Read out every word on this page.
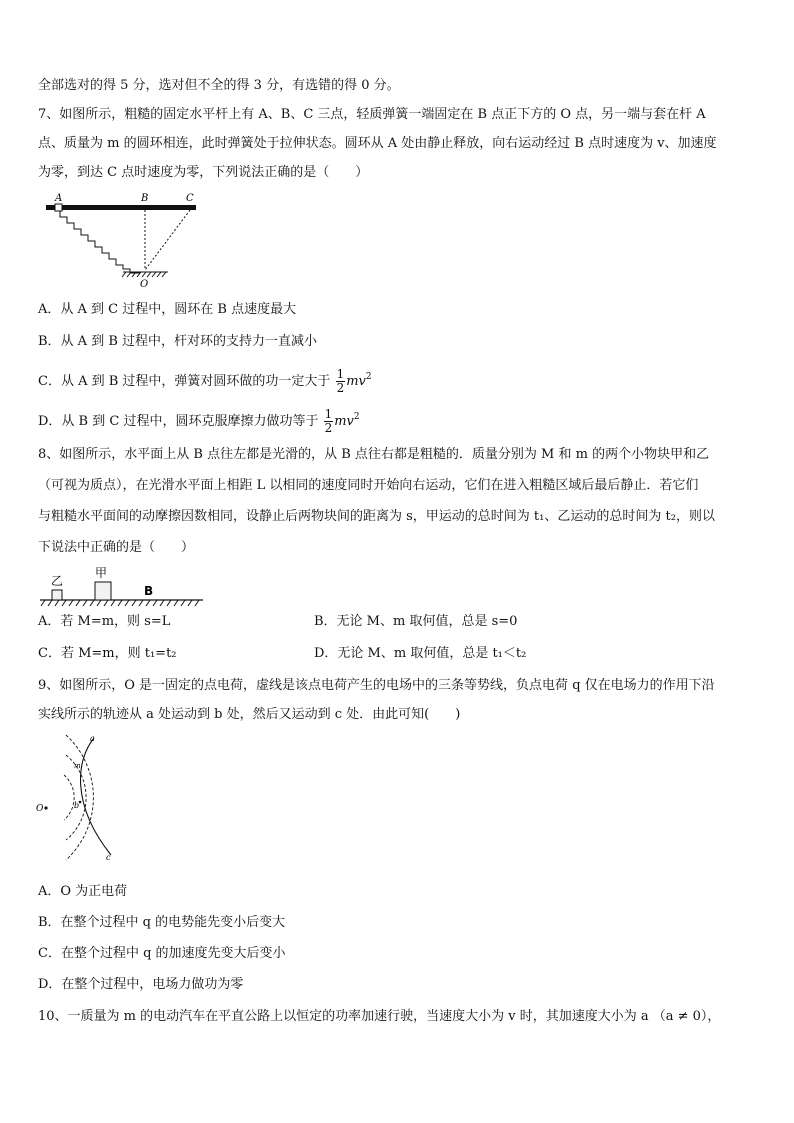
全部选对的得 5 分，选对但不全的得 3 分，有选错的得 0 分。
7、如图所示，粗糙的固定水平杆上有 A、B、C 三点，轻质弹簧一端固定在 B 点正下方的 O 点，另一端与套在杆 A
点、质量为 m 的圆环相连，此时弹簧处于拉伸状态。圆环从 A 处由静止释放，向右运动经过 B 点时速度为 v、加速度
为零，到达 C 点时速度为零，下列说法正确的是（　　）
A	B	C
O
A．从 A 到 C 过程中，圆环在 B 点速度最大
B．从 A 到 B 过程中，杆对环的支持力一直减小
C．从 A 到 B 过程中，弹簧对圆环做的功一定大于 $\frac{1}{2} mv^2$
D．从 B 到 C 过程中，圆环克服摩擦力做功等于 $\frac{1}{2} mv^2$
8、如图所示，水平面上从 B 点往左都是光滑的，从 B 点往右都是粗糙的．质量分别为 M 和 m 的两个小物块甲和乙
（可视为质点），在光滑水平面上相距 L 以相同的速度同时开始向右运动，它们在进入粗糙区域后最后静止．若它们
与粗糙水平面间的动摩擦因数相同，设静止后两物块间的距离为 s，甲运动的总时间为 t₁、乙运动的总时间为 t₂，则以
下说法中正确的是（　　）
乙
甲
B
A．若 M=m，则 s=L	B．无论 M、m 取何值，总是 s=0
C．若 M=m，则 t₁=t₂	D．无论 M、m 取何值，总是 t₁＜t₂
9、如图所示，O 是一固定的点电荷，虚线是该点电荷产生的电场中的三条等势线，负点电荷 q 仅在电场力的作用下沿
实线所示的轨迹从 a 处运动到 b 处，然后又运动到 c 处．由此可知(　　)
O
a
b
c
m
A．O 为正电荷
B．在整个过程中 q 的电势能先变小后变大
C．在整个过程中 q 的加速度先变大后变小
D．在整个过程中，电场力做功为零
10、一质量为 m 的电动汽车在平直公路上以恒定的功率加速行驶，当速度大小为 v 时，其加速度大小为 a （a ≠ 0），
